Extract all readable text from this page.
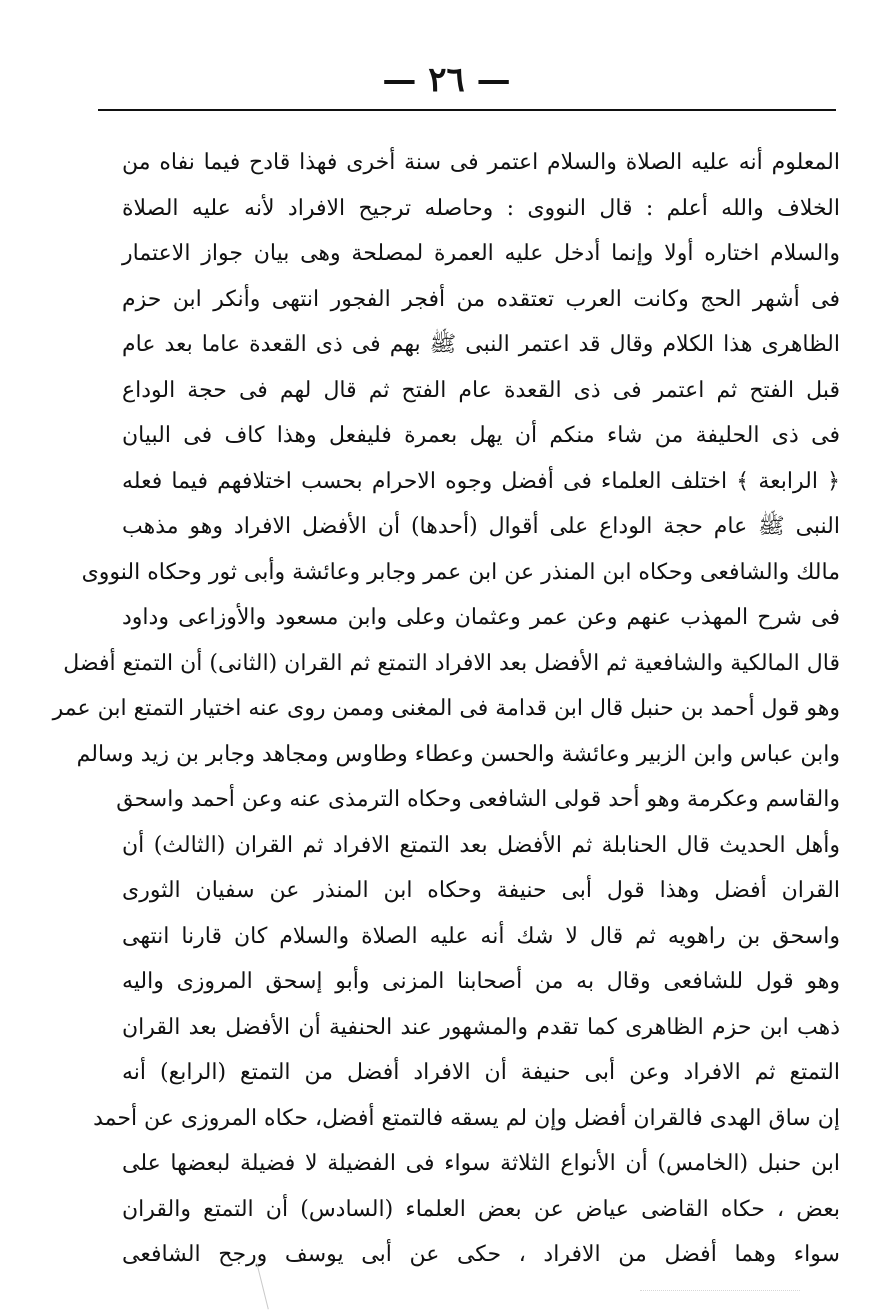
— ٢٦ —
المعلوم أنه عليه الصلاة والسلام اعتمر فى سنة أخرى فهذا قادح فيما نفاه من
الخلاف والله أعلم : قال النووى : وحاصله ترجيح الافراد لأنه عليه الصلاة
والسلام اختاره أولا وإنما أدخل عليه العمرة لمصلحة وهى بيان جواز الاعتمار
فى أشهر الحج وكانت العرب تعتقده من أفجر الفجور انتهى وأنكر ابن حزم
الظاهرى هذا الكلام وقال قد اعتمر النبى ﷺ بهم فى ذى القعدة عاما بعد عام
قبل الفتح ثم اعتمر فى ذى القعدة عام الفتح ثم قال لهم فى حجة الوداع
فى ذى الحليفة من شاء منكم أن يهل بعمرة فليفعل وهذا كاف فى البيان
﴿ الرابعة ﴾ اختلف العلماء فى أفضل وجوه الاحرام بحسب اختلافهم فيما فعله
النبى ﷺ عام حجة الوداع على أقوال (أحدها) أن الأفضل الافراد وهو مذهب
مالك والشافعى وحكاه ابن المنذر عن ابن عمر وجابر وعائشة وأبى ثور وحكاه النووى
فى شرح المهذب عنهم وعن عمر وعثمان وعلى وابن مسعود والأوزاعى وداود
قال المالكية والشافعية ثم الأفضل بعد الافراد التمتع ثم القران (الثانى) أن التمتع أفضل
وهو قول أحمد بن حنبل قال ابن قدامة فى المغنى وممن روى عنه اختيار التمتع ابن عمر
وابن عباس وابن الزبير وعائشة والحسن وعطاء وطاوس ومجاهد وجابر بن زيد وسالم
والقاسم وعكرمة وهو أحد قولى الشافعى وحكاه الترمذى عنه وعن أحمد واسحق
وأهل الحديث قال الحنابلة ثم الأفضل بعد التمتع الافراد ثم القران (الثالث) أن
القران أفضل وهذا قول أبى حنيفة وحكاه ابن المنذر عن سفيان الثورى
واسحق بن راهويه ثم قال لا شك أنه عليه الصلاة والسلام كان قارنا انتهى
وهو قول للشافعى وقال به من أصحابنا المزنى وأبو إسحق المروزى واليه
ذهب ابن حزم الظاهرى كما تقدم والمشهور عند الحنفية أن الأفضل بعد القران
التمتع ثم الافراد وعن أبى حنيفة أن الافراد أفضل من التمتع (الرابع) أنه
إن ساق الهدى فالقران أفضل وإن لم يسقه فالتمتع أفضل، حكاه المروزى عن أحمد
ابن حنبل (الخامس) أن الأنواع الثلاثة سواء فى الفضيلة لا فضيلة لبعضها على
بعض ، حكاه القاضى عياض عن بعض العلماء (السادس) أن التمتع والقران
سواء وهما أفضل من الافراد ، حكى عن أبى يوسف ورجح الشافعى
